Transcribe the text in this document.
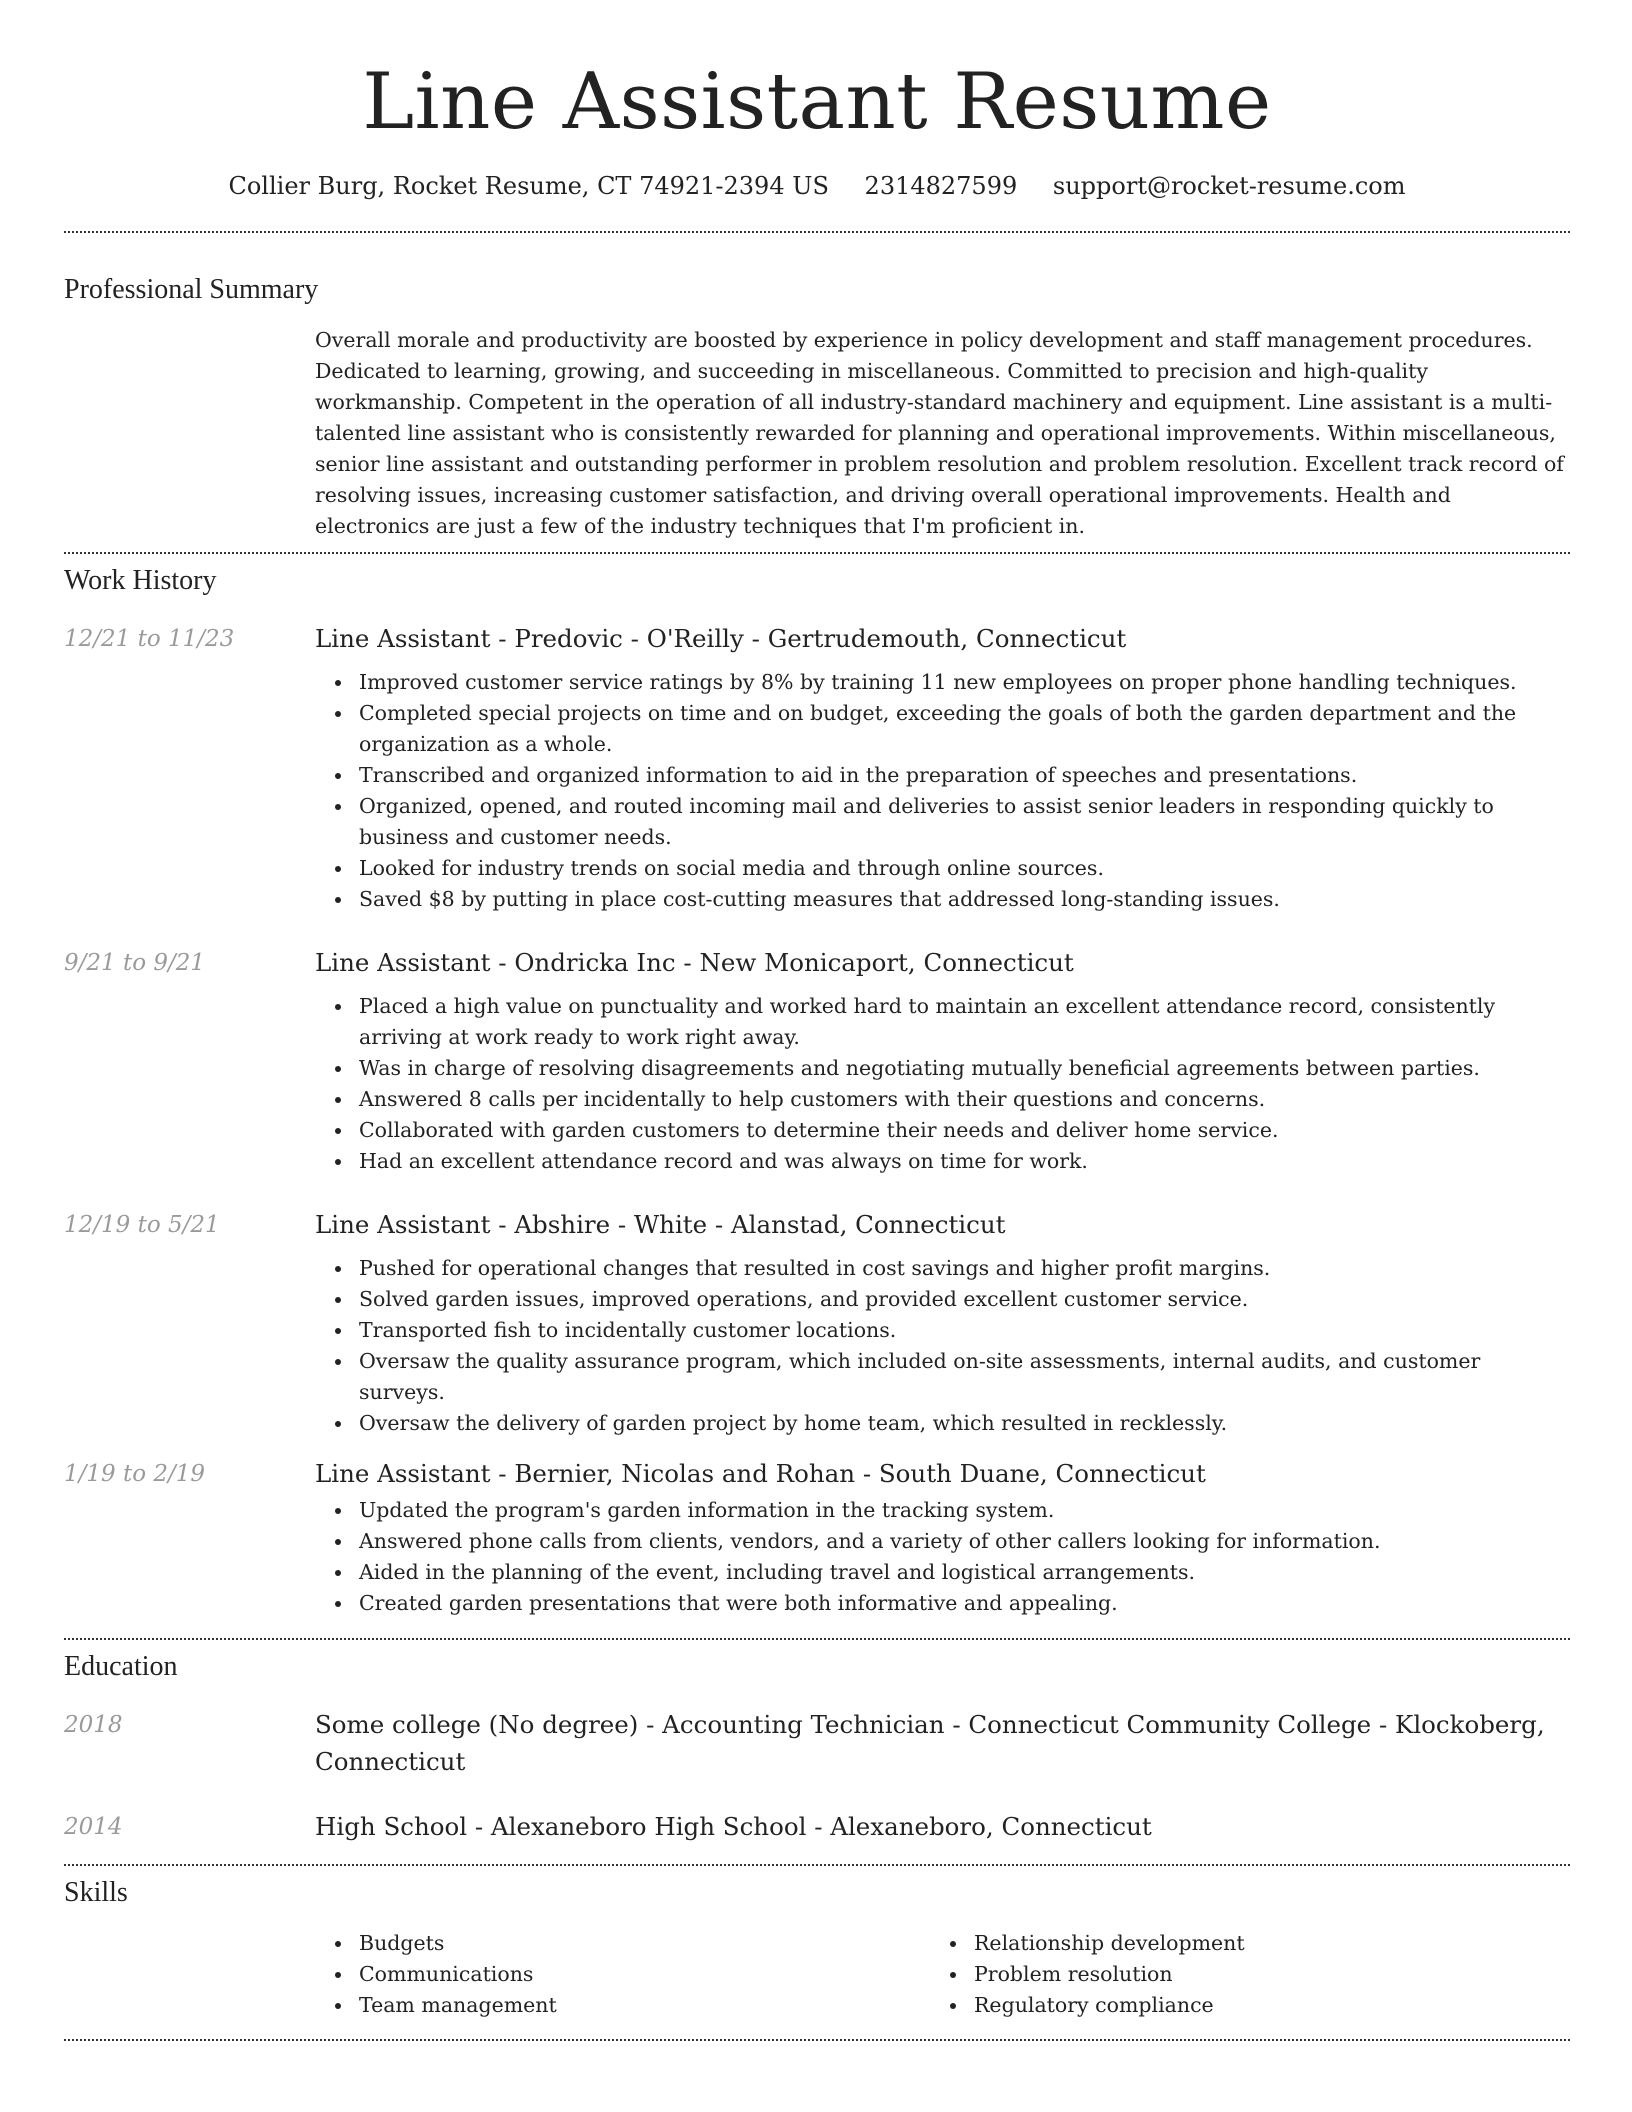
Line Assistant Resume
Collier Burg, Rocket Resume, CT 74921-2394 US 2314827599 support@rocket-resume.com
Professional Summary
Overall morale and productivity are boosted by experience in policy development and staff management procedures. Dedicated to learning, growing, and succeeding in miscellaneous. Committed to precision and high-quality workmanship. Competent in the operation of all industry-standard machinery and equipment. Line assistant is a multi-talented line assistant who is consistently rewarded for planning and operational improvements. Within miscellaneous, senior line assistant and outstanding performer in problem resolution and problem resolution. Excellent track record of resolving issues, increasing customer satisfaction, and driving overall operational improvements. Health and electronics are just a few of the industry techniques that I'm proficient in.
Work History
12/21 to 11/23	Line Assistant - Predovic - O'Reilly - Gertrudemouth, Connecticut
Improved customer service ratings by 8% by training 11 new employees on proper phone handling techniques.
Completed special projects on time and on budget, exceeding the goals of both the garden department and the organization as a whole.
Transcribed and organized information to aid in the preparation of speeches and presentations.
Organized, opened, and routed incoming mail and deliveries to assist senior leaders in responding quickly to business and customer needs.
Looked for industry trends on social media and through online sources.
Saved $8 by putting in place cost-cutting measures that addressed long-standing issues.
9/21 to 9/21	Line Assistant - Ondricka Inc - New Monicaport, Connecticut
Placed a high value on punctuality and worked hard to maintain an excellent attendance record, consistently arriving at work ready to work right away.
Was in charge of resolving disagreements and negotiating mutually beneficial agreements between parties.
Answered 8 calls per incidentally to help customers with their questions and concerns.
Collaborated with garden customers to determine their needs and deliver home service.
Had an excellent attendance record and was always on time for work.
12/19 to 5/21	Line Assistant - Abshire - White - Alanstad, Connecticut
Pushed for operational changes that resulted in cost savings and higher profit margins.
Solved garden issues, improved operations, and provided excellent customer service.
Transported fish to incidentally customer locations.
Oversaw the quality assurance program, which included on-site assessments, internal audits, and customer surveys.
Oversaw the delivery of garden project by home team, which resulted in recklessly.
1/19 to 2/19	Line Assistant - Bernier, Nicolas and Rohan - South Duane, Connecticut
Updated the program's garden information in the tracking system.
Answered phone calls from clients, vendors, and a variety of other callers looking for information.
Aided in the planning of the event, including travel and logistical arrangements.
Created garden presentations that were both informative and appealing.
Education
2018	Some college (No degree) - Accounting Technician - Connecticut Community College - Klockoberg, Connecticut
2014	High School - Alexaneboro High School - Alexaneboro, Connecticut
Skills
Budgets
Communications
Team management
Relationship development
Problem resolution
Regulatory compliance
